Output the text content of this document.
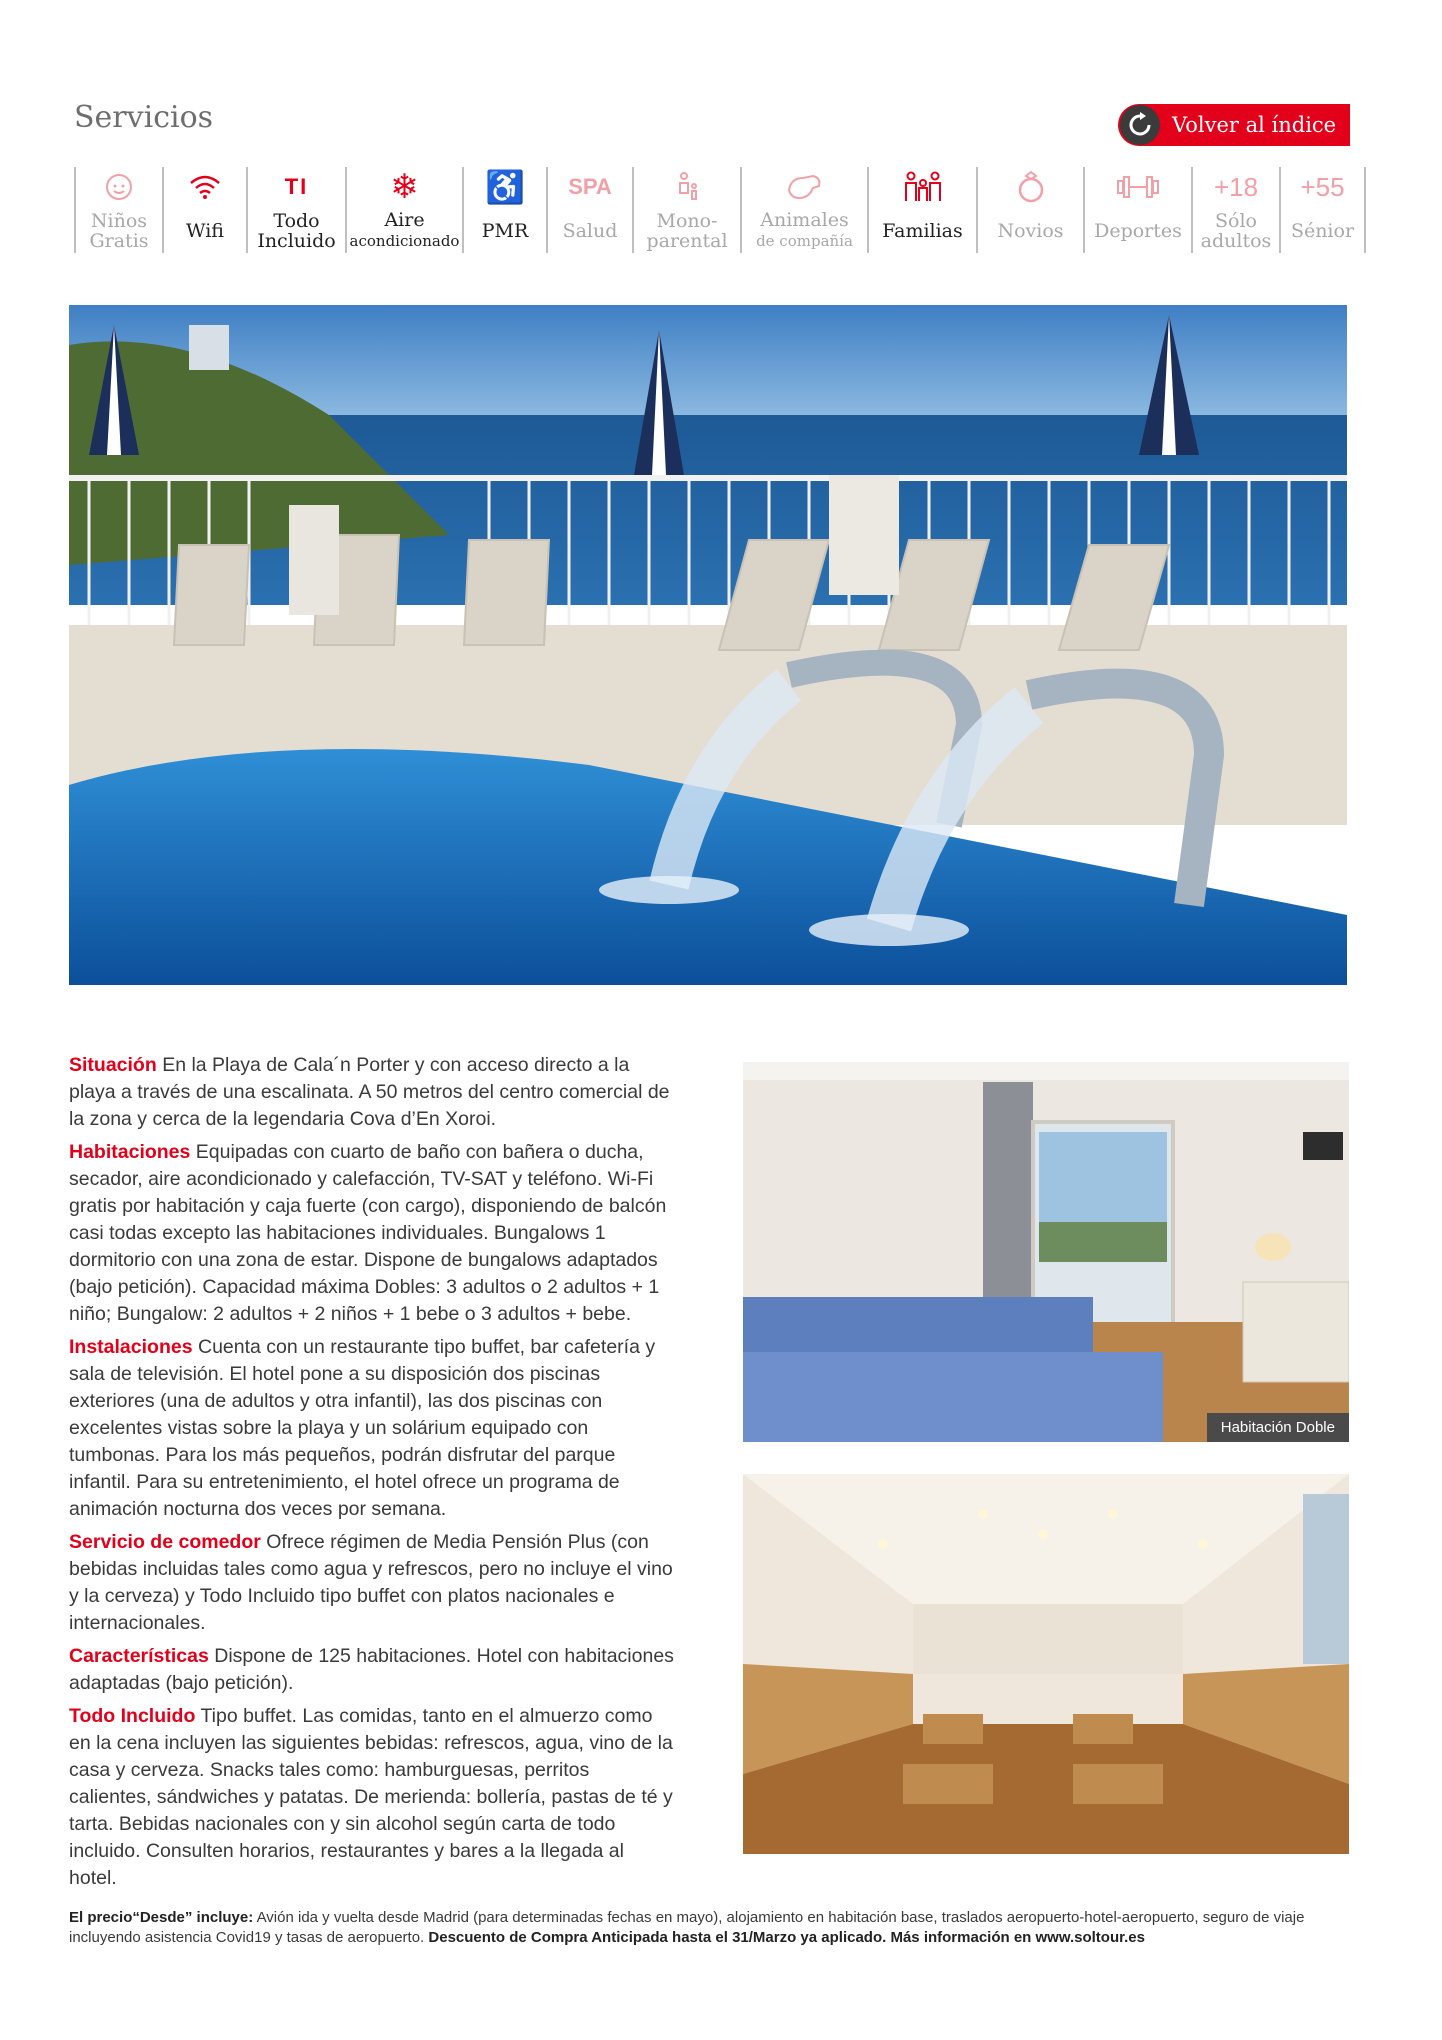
Servicios	Volver al índice
Niños
Gratis Wifi
TI
Todo
Incluido
❄
Aire
acondicionado
♿
PMR
SPA
Salud	Mono-
parental
Animales
de compañía Familias Novios Deportes
+18
Sólo
adultos
+55
Sénior

Situación En la Playa de Cala´n Porter y con acceso directo a la playa a través de una escalinata. A 50 metros del centro comercial de la zona y cerca de la legendaria Cova d’En Xoroi.

Habitaciones Equipadas con cuarto de baño con bañera o ducha, secador, aire acondicionado y calefacción, TV-SAT y teléfono. Wi-Fi gratis por habitación y caja fuerte (con cargo), disponiendo de balcón casi todas excepto las habitaciones individuales. Bungalows 1 dormitorio con una zona de estar. Dispone de bungalows adaptados (bajo petición). Capacidad máxima Dobles: 3 adultos o 2 adultos + 1 niño; Bungalow: 2 adultos + 2 niños + 1 bebe o 3 adultos + bebe.

Instalaciones Cuenta con un restaurante tipo buffet, bar cafetería y sala de televisión. El hotel pone a su disposición dos piscinas exteriores (una de adultos y otra infantil), las dos piscinas con excelentes vistas sobre la playa y un solárium equipado con tumbonas. Para los más pequeños, podrán disfrutar del parque infantil. Para su entretenimiento, el hotel ofrece un programa de animación nocturna dos veces por semana.

Servicio de comedor Ofrece régimen de Media Pensión Plus (con bebidas incluidas tales como agua y refrescos, pero no incluye el vino y la cerveza) y Todo Incluido tipo buffet con platos nacionales e internacionales.

Características Dispone de 125 habitaciones. Hotel con habitaciones adaptadas (bajo petición).

Todo Incluido Tipo buffet. Las comidas, tanto en el almuerzo como en la cena incluyen las siguientes bebidas: refrescos, agua, vino de la casa y cerveza. Snacks tales como: hamburguesas, perritos calientes, sándwiches y patatas. De merienda: bollería, pastas de té y tarta. Bebidas nacionales con y sin alcohol según carta de todo incluido. Consulten horarios, restaurantes y bares a la llegada al hotel.

Habitación Doble
El precio“Desde” incluye: Avión ida y vuelta desde Madrid (para determinadas fechas en mayo), alojamiento en habitación base, traslados aeropuerto-hotel-aeropuerto, seguro de viaje incluyendo asistencia Covid19 y tasas de aeropuerto. Descuento de Compra Anticipada hasta el 31/Marzo ya aplicado. Más información en www.soltour.es
